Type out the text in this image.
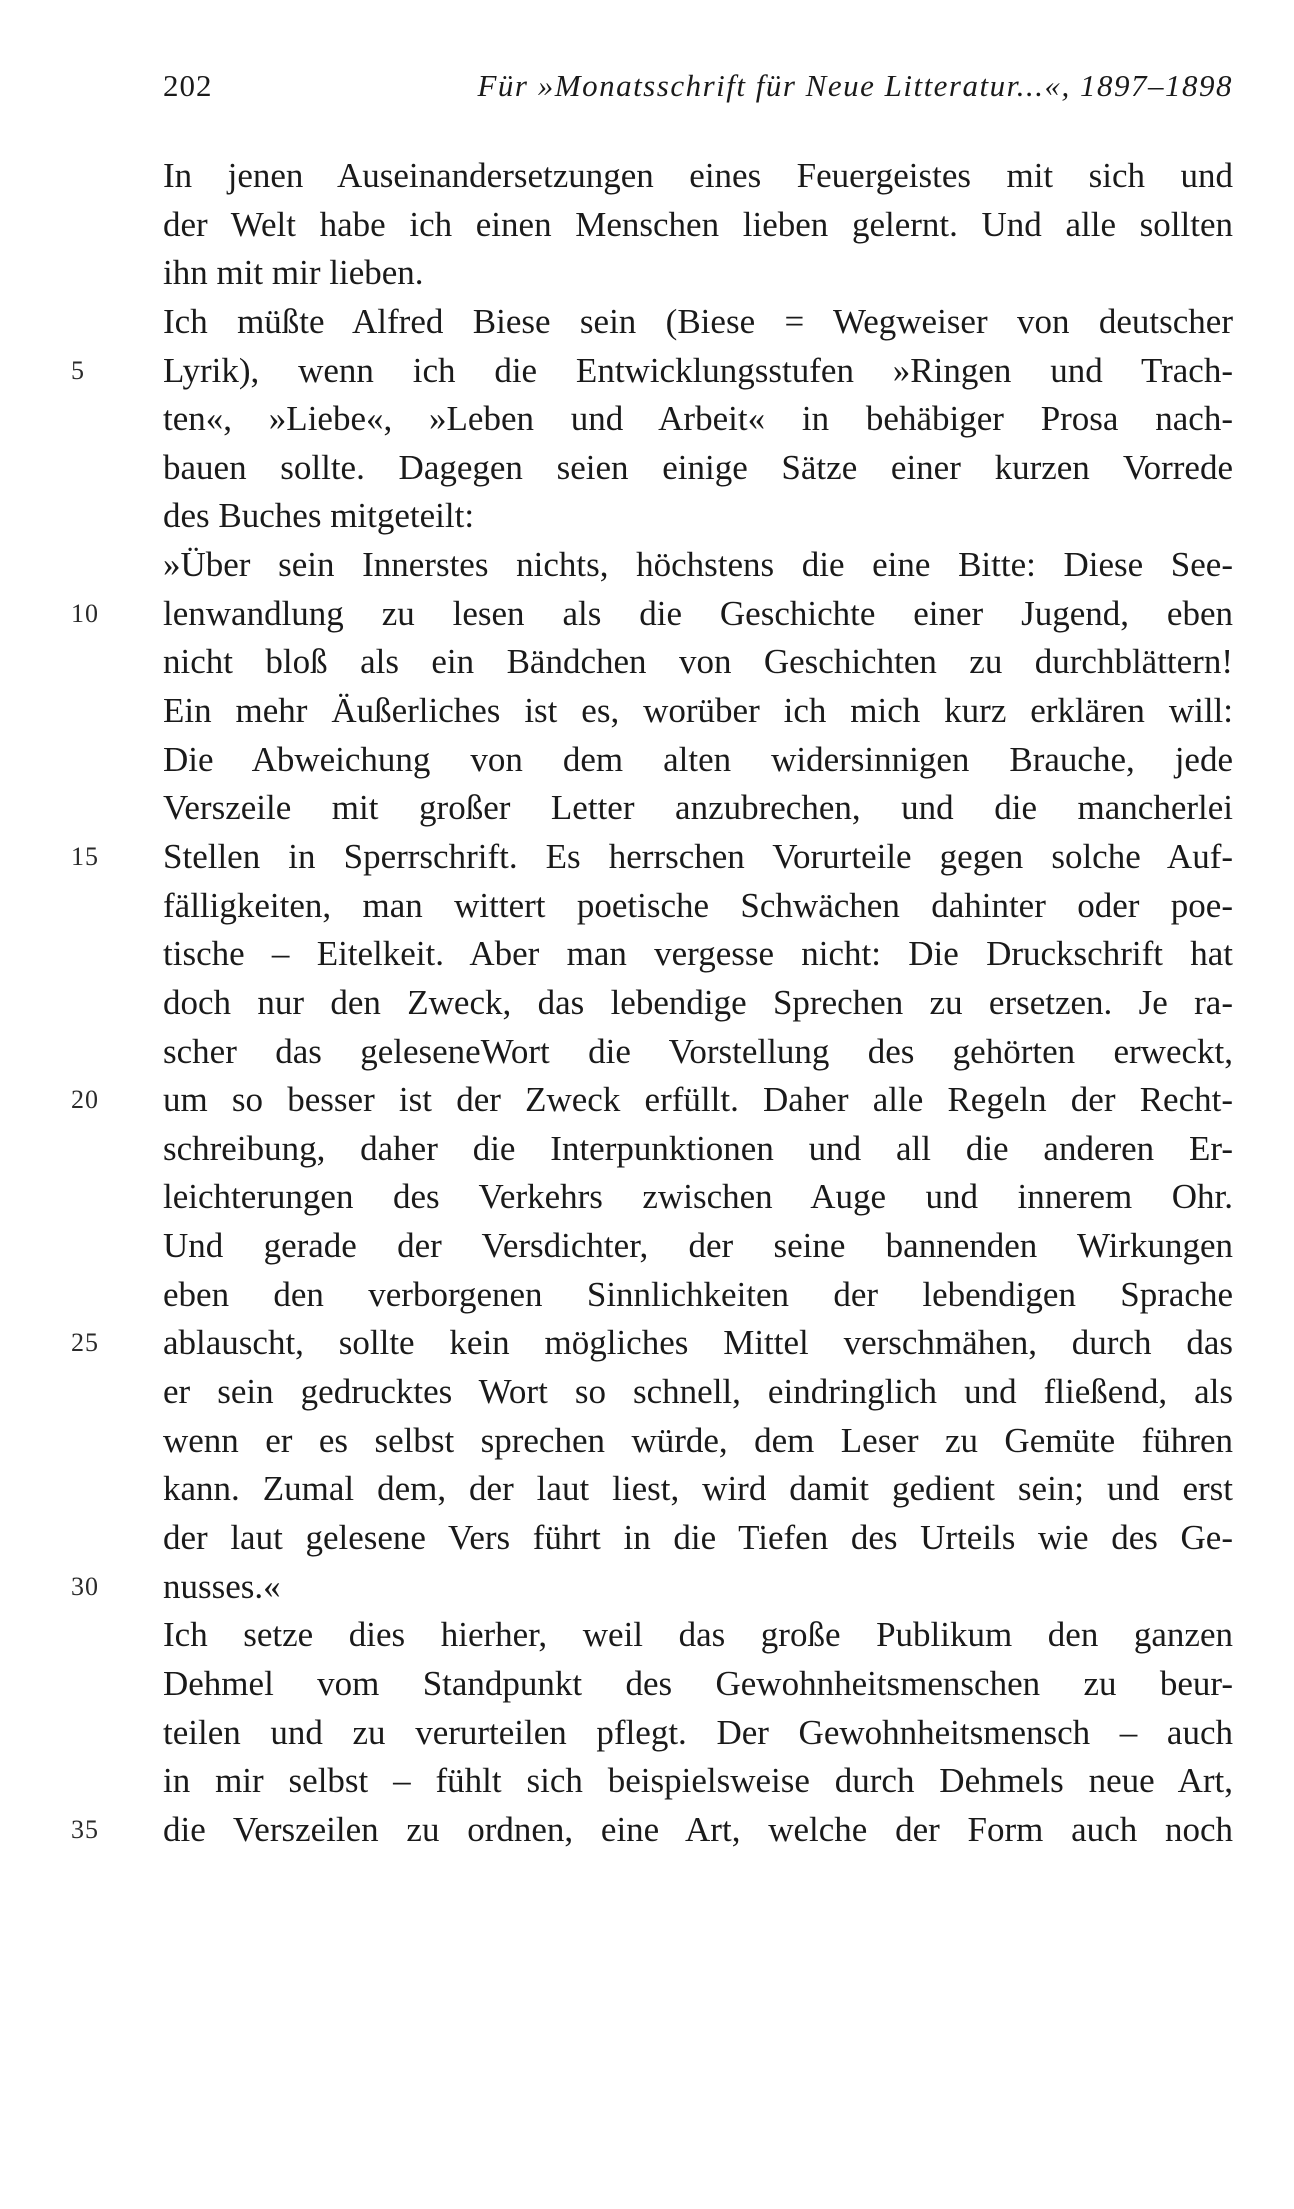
202	Für »Monatsschrift für Neue Litteratur...«, 1897–1898
In jenen Auseinandersetzungen eines Feuergeistes mit sich und
der Welt habe ich einen Menschen lieben gelernt. Und alle sollten
ihn mit mir lieben.
Ich müßte Alfred Biese sein (Biese = Wegweiser von deutscher
5	Lyrik), wenn ich die Entwicklungsstufen »Ringen und Trach-
ten«, »Liebe«, »Leben und Arbeit« in behäbiger Prosa nach-
bauen sollte. Dagegen seien einige Sätze einer kurzen Vorrede
des Buches mitgeteilt:
»Über sein Innerstes nichts, höchstens die eine Bitte: Diese See-
10	lenwandlung zu lesen als die Geschichte einer Jugend, eben
nicht bloß als ein Bändchen von Geschichten zu durchblättern!
Ein mehr Äußerliches ist es, worüber ich mich kurz erklären will:
Die Abweichung von dem alten widersinnigen Brauche, jede
Verszeile mit großer Letter anzubrechen, und die mancherlei
15	Stellen in Sperrschrift. Es herrschen Vorurteile gegen solche Auf-
fälligkeiten, man wittert poetische Schwächen dahinter oder poe-
tische – Eitelkeit. Aber man vergesse nicht: Die Druckschrift hat
doch nur den Zweck, das lebendige Sprechen zu ersetzen. Je ra-
scher das geleseneWort die Vorstellung des gehörten erweckt,
20	um so besser ist der Zweck erfüllt. Daher alle Regeln der Recht-
schreibung, daher die Interpunktionen und all die anderen Er-
leichterungen des Verkehrs zwischen Auge und innerem Ohr.
Und gerade der Versdichter, der seine bannenden Wirkungen
eben den verborgenen Sinnlichkeiten der lebendigen Sprache
25	ablauscht, sollte kein mögliches Mittel verschmähen, durch das
er sein gedrucktes Wort so schnell, eindringlich und fließend, als
wenn er es selbst sprechen würde, dem Leser zu Gemüte führen
kann. Zumal dem, der laut liest, wird damit gedient sein; und erst
der laut gelesene Vers führt in die Tiefen des Urteils wie des Ge-
30	nusses.«
Ich setze dies hierher, weil das große Publikum den ganzen
Dehmel vom Standpunkt des Gewohnheitsmenschen zu beur-
teilen und zu verurteilen pflegt. Der Gewohnheitsmensch – auch
in mir selbst – fühlt sich beispielsweise durch Dehmels neue Art,
35	die Verszeilen zu ordnen, eine Art, welche der Form auch noch
